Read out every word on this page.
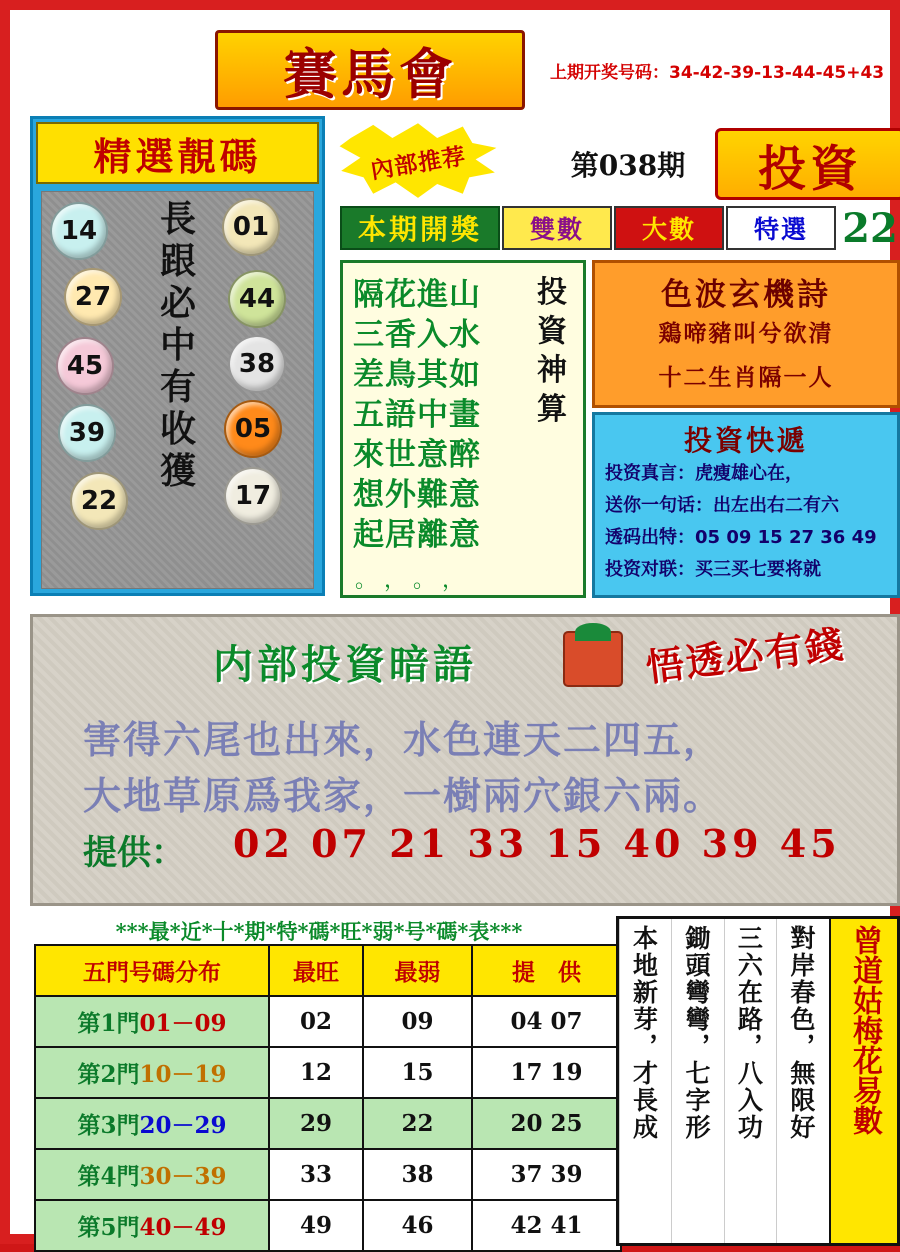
賽馬會	上期开奖号码：34-42-39-13-44-45+43
內部推荐	第038期	投資
精選靚碼
長
跟
必
中
有
收
獲
14	01
27	44
45	38
39	05
22	17
本期開獎	雙數	大數	特選 22
隔花進山
三香入水
差鳥其如
五語中畫
來世意醉
想外難意
起居離意
投
資
神
算
。，。，
色波玄機詩
鶏啼豬叫兮欲清
十二生肖隔一人
投資快遞
投资真言：虎瘦雄心在，
送你一句话：出左出右二有六
透码出特：05 09 15 27 36 49
投资对联：买三买七要将就
内部投資暗語	悟透必有錢
害得六尾也出來，水色連天二四五，
大地草原爲我家，一樹兩穴銀六兩。
提供： 02 07 21 33 15 40 39 45
***最*近*十*期*特*碼*旺*弱*号*碼*表***
五門号碼分布	最旺	最弱	提　供
第1門01－09	02	09	04 07
第2門10－19	12	15	17 19
第3門20－29	29	22	20 25
第4門30－39	33	38	37 39
第5門40－49	49	46	42 41
曾道姑梅花易數
對岸春色，無限好
三六在路，八入功
鋤頭彎彎，七字形
本地新芽，才長成
